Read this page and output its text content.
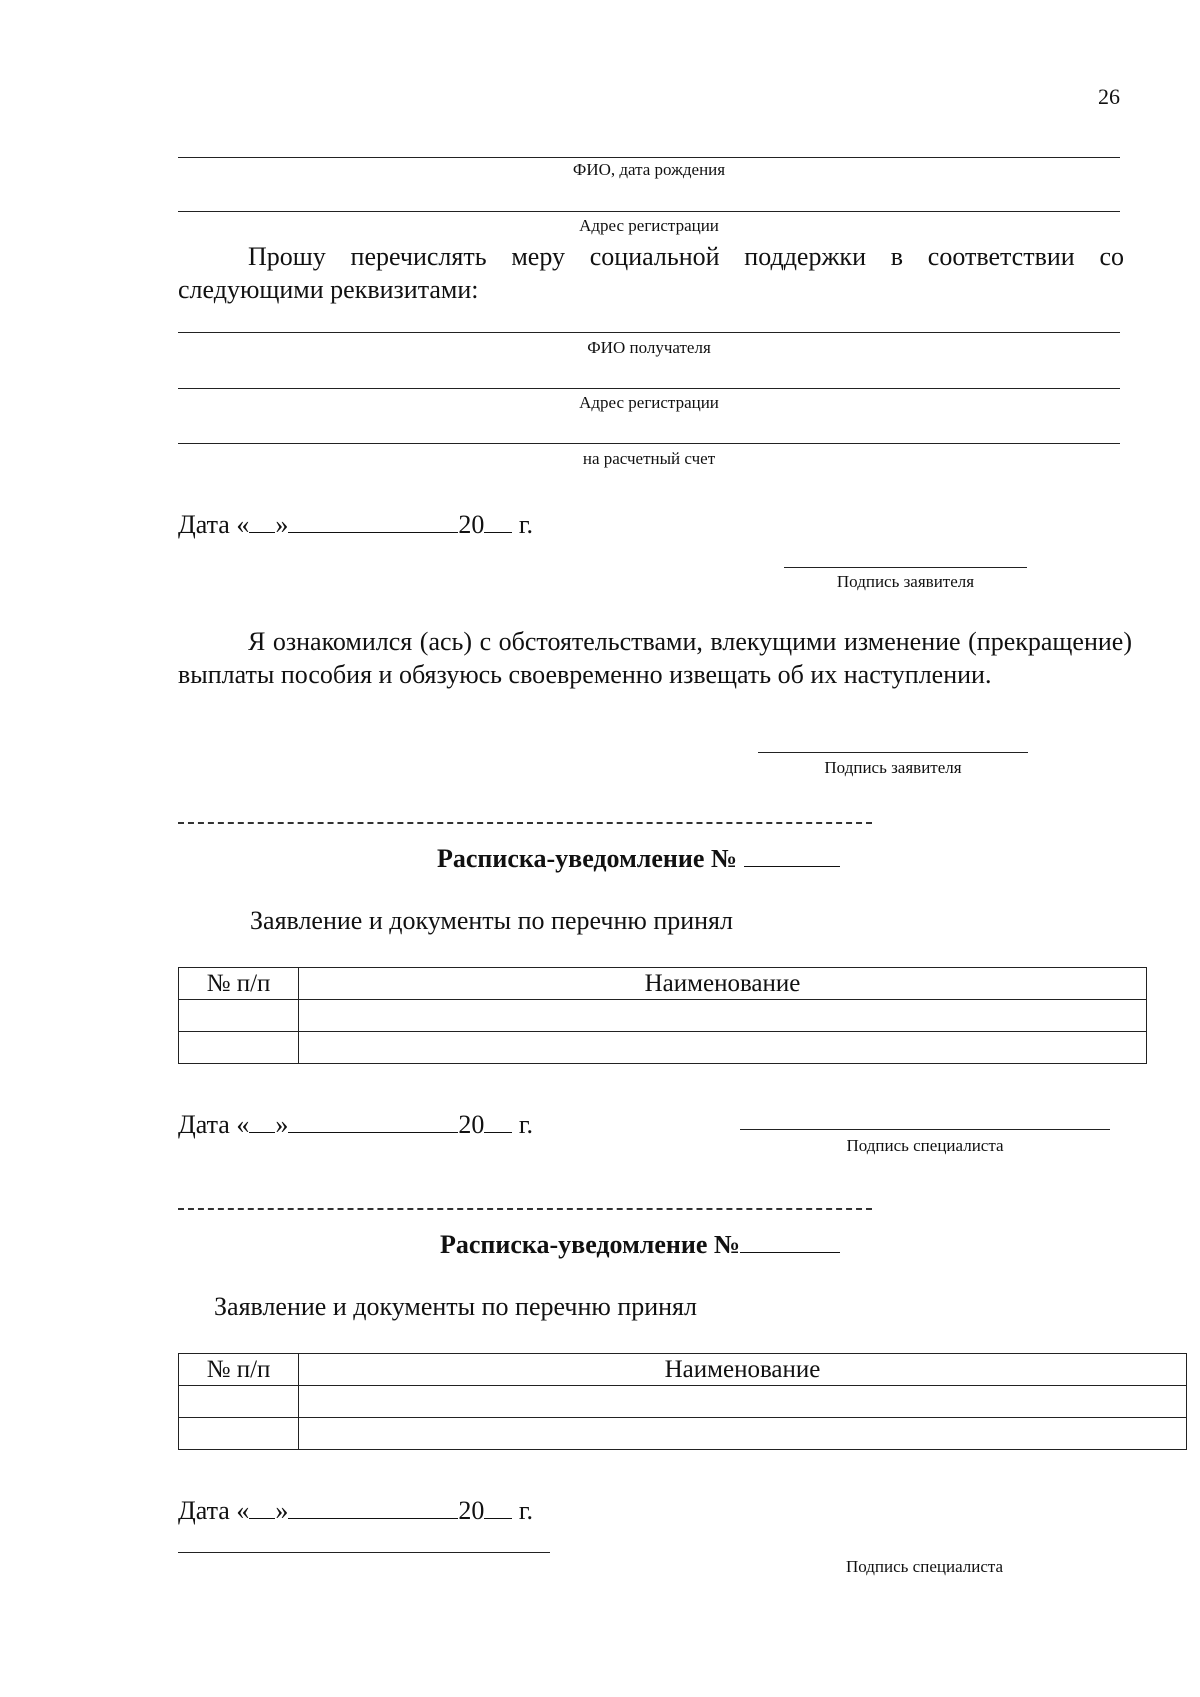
26
ФИО, дата рождения
Адрес регистрации
Прошу перечислять меру социальной поддержки в соответствии со следующими реквизитами:
ФИО получателя
Адрес регистрации
на расчетный счет
Дата « »	20 г.
Подпись заявителя
Я ознакомился (ась) с обстоятельствами, влекущими изменение (прекращение) выплаты пособия и обязуюсь своевременно извещать об их наступлении.
Подпись заявителя
Расписка-уведомление №
Заявление и документы по перечню принял
№ п/п	Наименование

Дата « »	20 г.
Подпись специалиста
Расписка-уведомление №
Заявление и документы по перечню принял
№ п/п	Наименование

Дата « »	20 г.
Подпись специалиста
